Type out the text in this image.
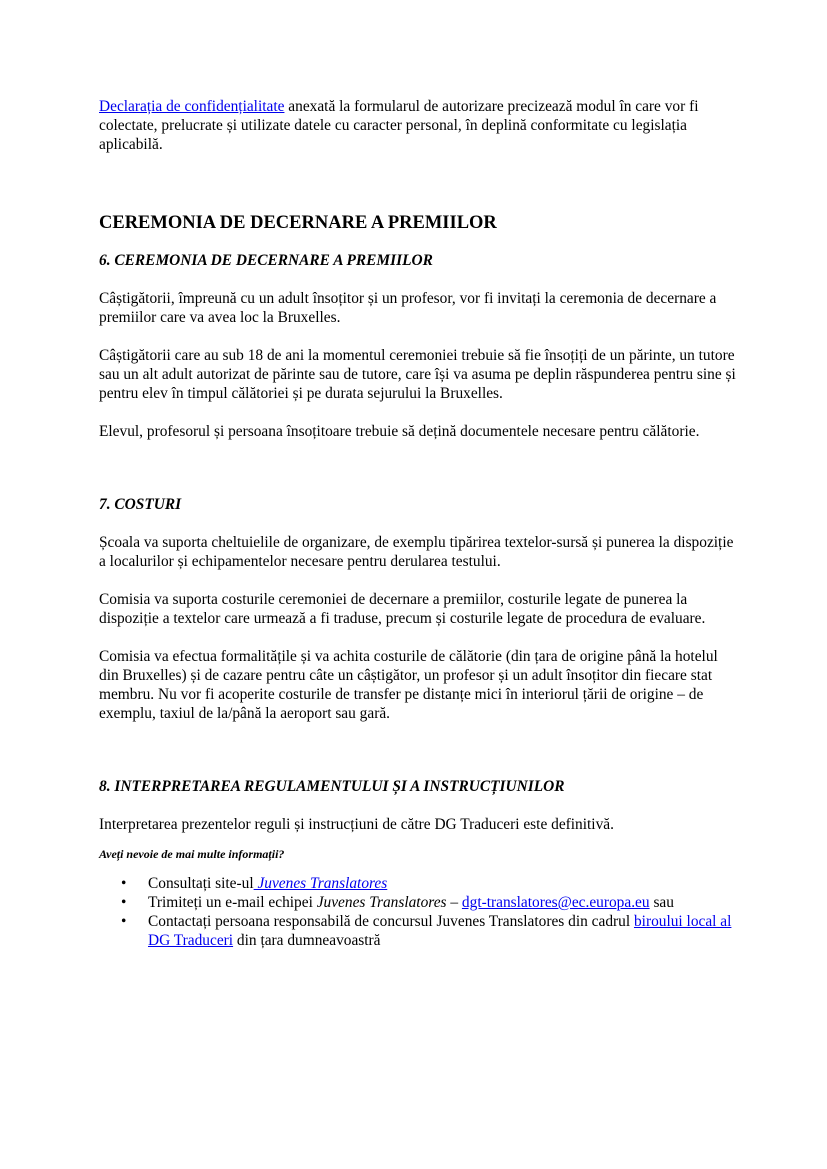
Declarația de confidențialitate anexată la formularul de autorizare precizează modul în care vor fi colectate, prelucrate și utilizate datele cu caracter personal, în deplină conformitate cu legislația aplicabilă.

CEREMONIA DE DECERNARE A PREMIILOR

6. CEREMONIA DE DECERNARE A PREMIILOR

Câștigătorii, împreună cu un adult însoțitor și un profesor, vor fi invitați la ceremonia de decernare a premiilor care va avea loc la Bruxelles.

Câștigătorii care au sub 18 de ani la momentul ceremoniei trebuie să fie însoțiți de un părinte, un tutore sau un alt adult autorizat de părinte sau de tutore, care își va asuma pe deplin răspunderea pentru sine și pentru elev în timpul călătoriei și pe durata sejurului la Bruxelles.

Elevul, profesorul și persoana însoțitoare trebuie să dețină documentele necesare pentru călătorie.

7. COSTURI

Școala va suporta cheltuielile de organizare, de exemplu tipărirea textelor-sursă și punerea la dispoziție a localurilor și echipamentelor necesare pentru derularea testului.

Comisia va suporta costurile ceremoniei de decernare a premiilor, costurile legate de punerea la dispoziție a textelor care urmează a fi traduse, precum și costurile legate de procedura de evaluare.

Comisia va efectua formalitățile și va achita costurile de călătorie (din țara de origine până la hotelul din Bruxelles) și de cazare pentru câte un câștigător, un profesor și un adult însoțitor din fiecare stat membru. Nu vor fi acoperite costurile de transfer pe distanțe mici în interiorul țării de origine – de exemplu, taxiul de la/până la aeroport sau gară.

8. INTERPRETAREA REGULAMENTULUI ȘI A INSTRUCȚIUNILOR

Interpretarea prezentelor reguli și instrucțiuni de către DG Traduceri este definitivă.

Aveți nevoie de mai multe informații?

• Consultați site-ul Juvenes Translatores
• Trimiteți un e-mail echipei Juvenes Translatores – dgt-translatores@ec.europa.eu sau
• Contactați persoana responsabilă de concursul Juvenes Translatores din cadrul biroului local al DG Traduceri din țara dumneavoastră
